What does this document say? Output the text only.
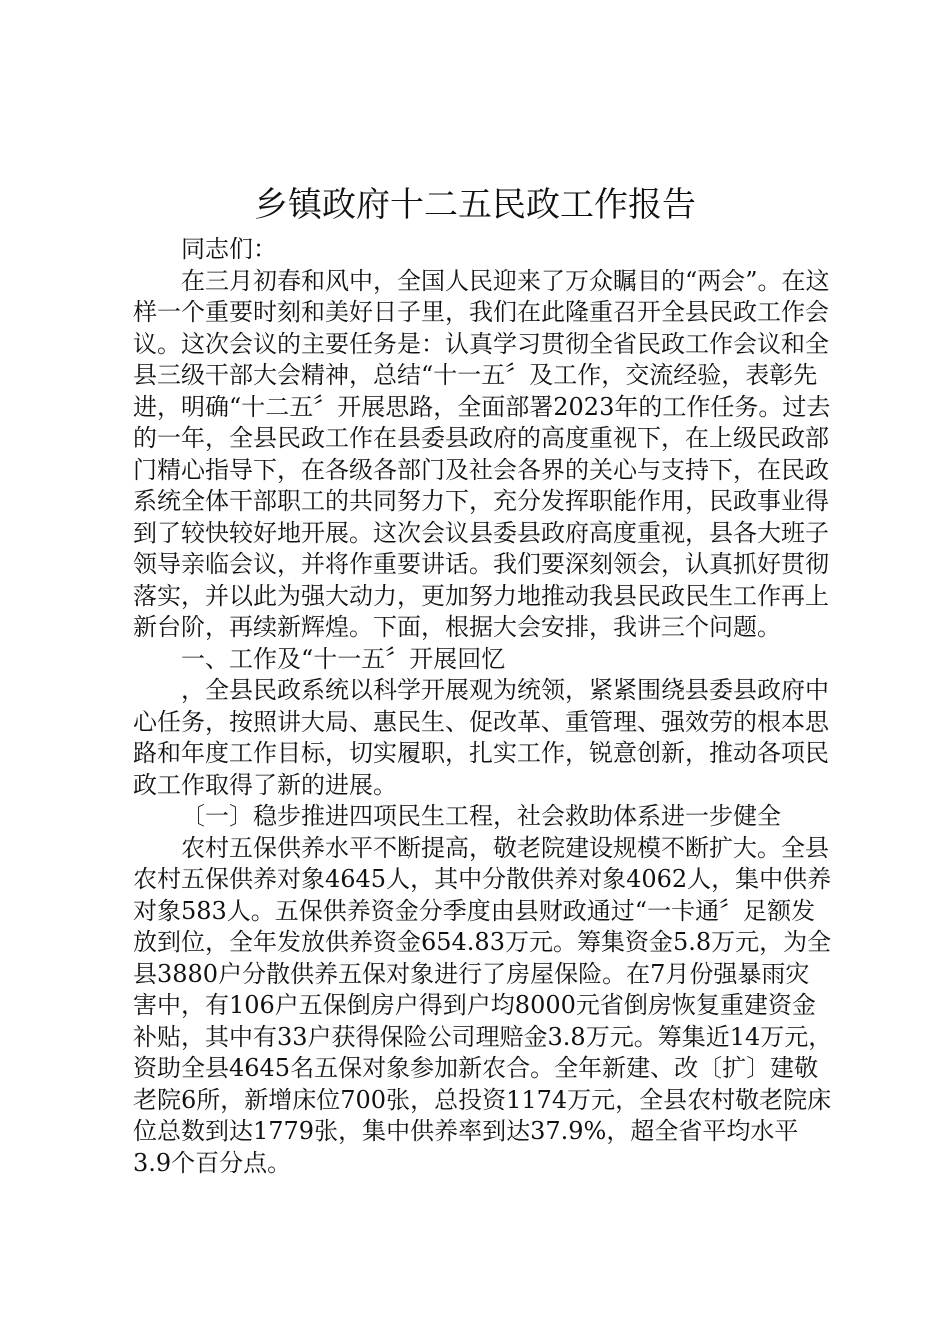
乡镇政府十二五民政工作报告

同志们：

在三月初春和风中，全国人民迎来了万众瞩目的“两会”。在这样一个重要时刻和美好日子里，我们在此隆重召开全县民政工作会议。这次会议的主要任务是：认真学习贯彻全省民政工作会议和全县三级干部大会精神，总结“十一五〞及工作，交流经验，表彰先进，明确“十二五〞开展思路，全面部署2023年的工作任务。过去的一年，全县民政工作在县委县政府的高度重视下，在上级民政部门精心指导下，在各级各部门及社会各界的关心与支持下，在民政系统全体干部职工的共同努力下，充分发挥职能作用，民政事业得到了较快较好地开展。这次会议县委县政府高度重视，县各大班子领导亲临会议，并将作重要讲话。我们要深刻领会，认真抓好贯彻落实，并以此为强大动力，更加努力地推动我县民政民生工作再上新台阶，再续新辉煌。下面，根据大会安排，我讲三个问题。

一、工作及“十一五〞开展回忆

，全县民政系统以科学开展观为统领，紧紧围绕县委县政府中心任务，按照讲大局、惠民生、促改革、重管理、强效劳的根本思路和年度工作目标，切实履职，扎实工作，锐意创新，推动各项民政工作取得了新的进展。

〔一〕稳步推进四项民生工程，社会救助体系进一步健全

农村五保供养水平不断提高，敬老院建设规模不断扩大。全县农村五保供养对象4645人，其中分散供养对象4062人，集中供养对象583人。五保供养资金分季度由县财政通过“一卡通〞足额发放到位，全年发放供养资金654.83万元。筹集资金5.8万元，为全县3880户分散供养五保对象进行了房屋保险。在7月份强暴雨灾害中，有106户五保倒房户得到户均8000元省倒房恢复重建资金补贴，其中有33户获得保险公司理赔金3.8万元。筹集近14万元，资助全县4645名五保对象参加新农合。全年新建、改〔扩〕建敬老院6所，新增床位700张，总投资1174万元，全县农村敬老院床位总数到达1779张，集中供养率到达37.9%，超全省平均水平3.9个百分点。
